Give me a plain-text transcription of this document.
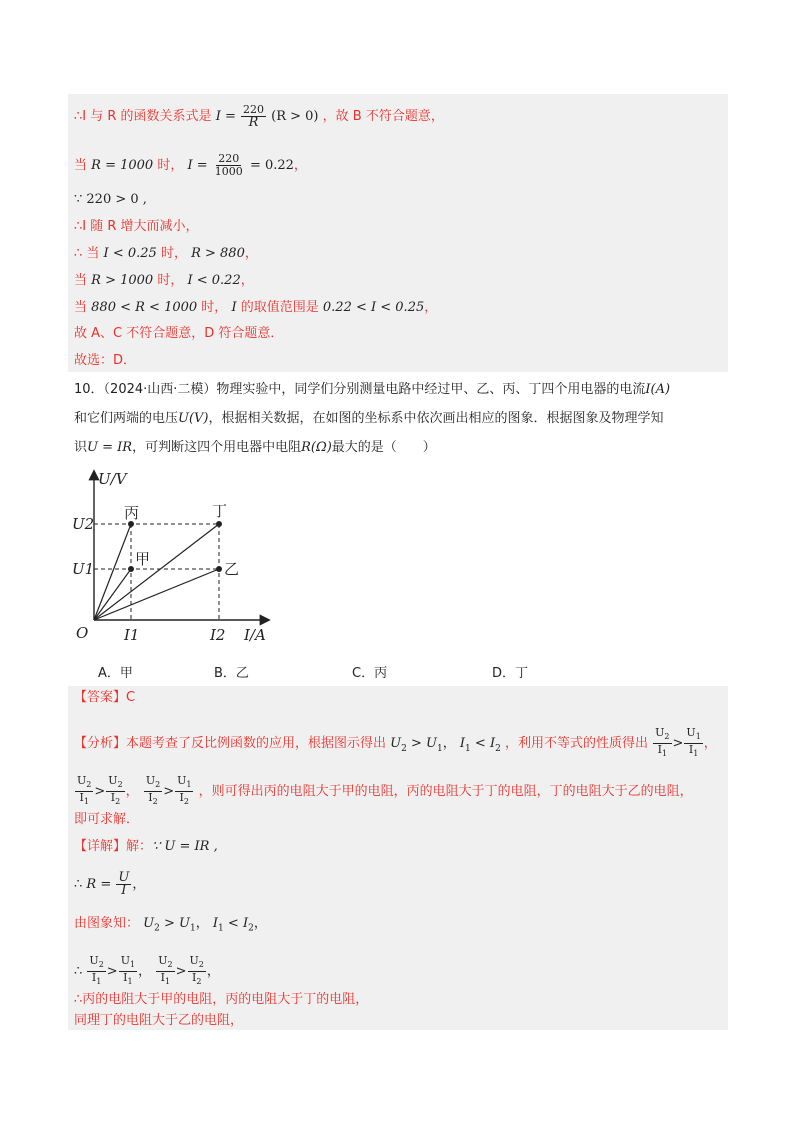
∴I 与 R 的函数关系式是 $I = \frac{220}{R} (R > 0)$ ，故 B 不符合题意，
当 R = 1000 时， $I = \frac{220}{1000} = 0.22$，
∵ 220 > 0 ,
∴I 随 R 增大而减小，
∴ 当 I < 0.25 时， R > 880，
当 R > 1000 时， I < 0.22，
当 880 < R < 1000 时， I 的取值范围是 0.22 < I < 0.25，
故 A、C 不符合题意，D 符合题意．
故选：D．
10．（2024·山西·二模）物理实验中，同学们分别测量电路中经过甲、乙、丙、丁四个用电器的电流I(A)
和它们两端的电压U(V)，根据相关数据，在如图的坐标系中依次画出相应的图象．根据图象及物理学知
识U = IR，可判断这四个用电器中电阻R(Ω)最大的是（　　）
U/V
I/A
O
U2
U1
I1	I2
丙
甲
丁
乙
A．甲	B．乙	C．丙	D．丁
【答案】C
【分析】本题考查了反比例函数的应用，根据图示得出 $U_2 > U_1$， $I_1 < I_2$ ，利用不等式的性质得出 $\frac{U_2}{I_1} > \frac{U_1}{I_1}$ ，
$\frac{U_2}{I_1} > \frac{U_2}{I_2}$ ， $\frac{U_2}{I_2} > \frac{U_1}{I_2}$ ，则可得出丙的电阻大于甲的电阻，丙的电阻大于丁的电阻，丁的电阻大于乙的电阻，
即可求解．
【详解】解：∵ U = IR ,
∴ $R = \frac{U}{I}$ ，
由图象知： $U_2 > U_1$， $I_1 < I_2$，
∴ $\frac{U_2}{I_1} > \frac{U_1}{I_1}$ ， $\frac{U_2}{I_1} > \frac{U_2}{I_2}$ ，
∴丙的电阻大于甲的电阻，丙的电阻大于丁的电阻，
同理丁的电阻大于乙的电阻，
